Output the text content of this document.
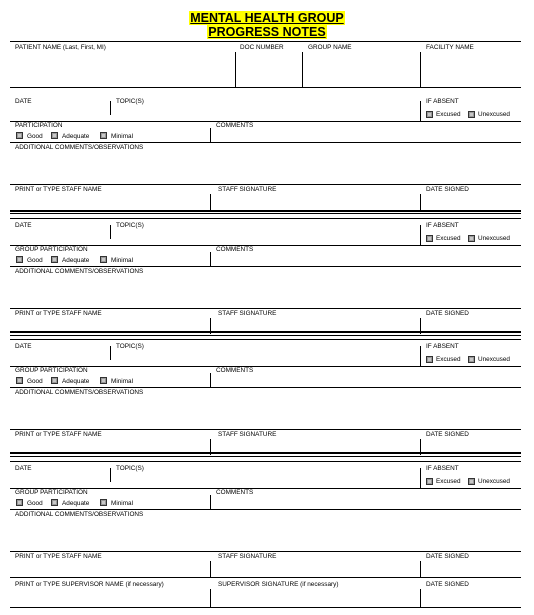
MENTAL HEALTH GROUP
PROGRESS NOTES
PATIENT NAME (Last, First, MI)	DOC NUMBER	GROUP NAME	FACILITY NAME
DATE	TOPIC(S)	IF ABSENT
Excused	Unexcused
PARTICIPATION	COMMENTS
Good	Adequate	Minimal
ADDITIONAL COMMENTS/OBSERVATIONS
PRINT or TYPE STAFF NAME	STAFF SIGNATURE	DATE SIGNED
DATE	TOPIC(S)	IF ABSENT
Excused	Unexcused
GROUP PARTICIPATION	COMMENTS
Good	Adequate	Minimal
ADDITIONAL COMMENTS/OBSERVATIONS
PRINT or TYPE STAFF NAME	STAFF SIGNATURE	DATE SIGNED
DATE	TOPIC(S)	IF ABSENT
Excused	Unexcused
GROUP PARTICIPATION	COMMENTS
Good	Adequate	Minimal
ADDITIONAL COMMENTS/OBSERVATIONS
PRINT or TYPE STAFF NAME	STAFF SIGNATURE	DATE SIGNED
DATE	TOPIC(S)	IF ABSENT
Excused	Unexcused
GROUP PARTICIPATION	COMMENTS
Good	Adequate	Minimal
ADDITIONAL COMMENTS/OBSERVATIONS
PRINT or TYPE STAFF NAME	STAFF SIGNATURE	DATE SIGNED
PRINT or TYPE SUPERVISOR NAME (if necessary)	SUPERVISOR SIGNATURE (if necessary)	DATE SIGNED
